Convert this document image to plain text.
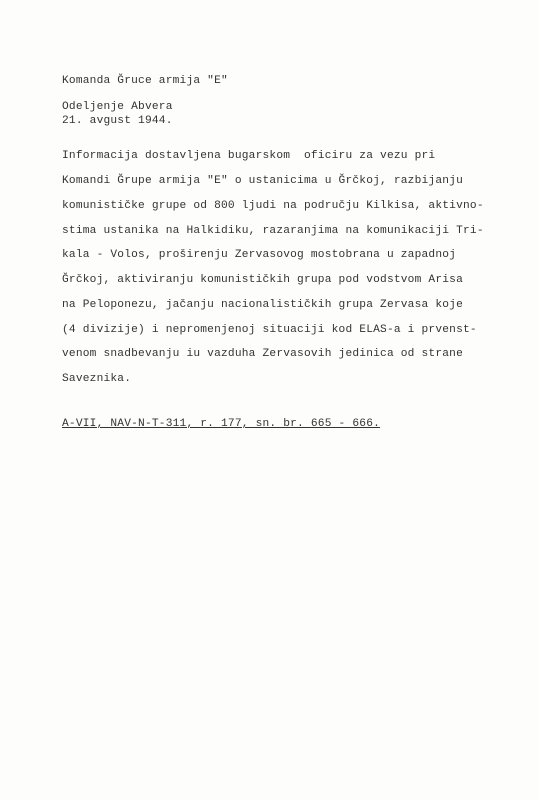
Komanda Ğruce armija "E"
Odeljenje Abvera
21. avgust 1944.
Informacija dostavljena bugarskom  oficiru za vezu pri
Komandi Ğrupe armija "E" o ustanicima u Ğrčkoj, razbijanju
komunističke grupe od 800 ljudi na području Kilkisa, aktivno-
stima ustanika na Halkidiku, razaranjima na komunikaciji Tri-
kala - Volos, proširenju Zervasovog mostobrana u zapadnoj
Ğrčkoj, aktiviranju komunističkih grupa pod vodstvom Arisa
na Peloponezu, jačanju nacionalističkih grupa Zervasa koje
(4 divizije) i nepromenjenoj situaciji kod ELAS-a i prvenst-
venom snadbevanju iu vazduha Zervasovih jedinica od strane
Saveznika.
A-VII, NAV-N-T-311, r. 177, sn. br. 665 - 666.
